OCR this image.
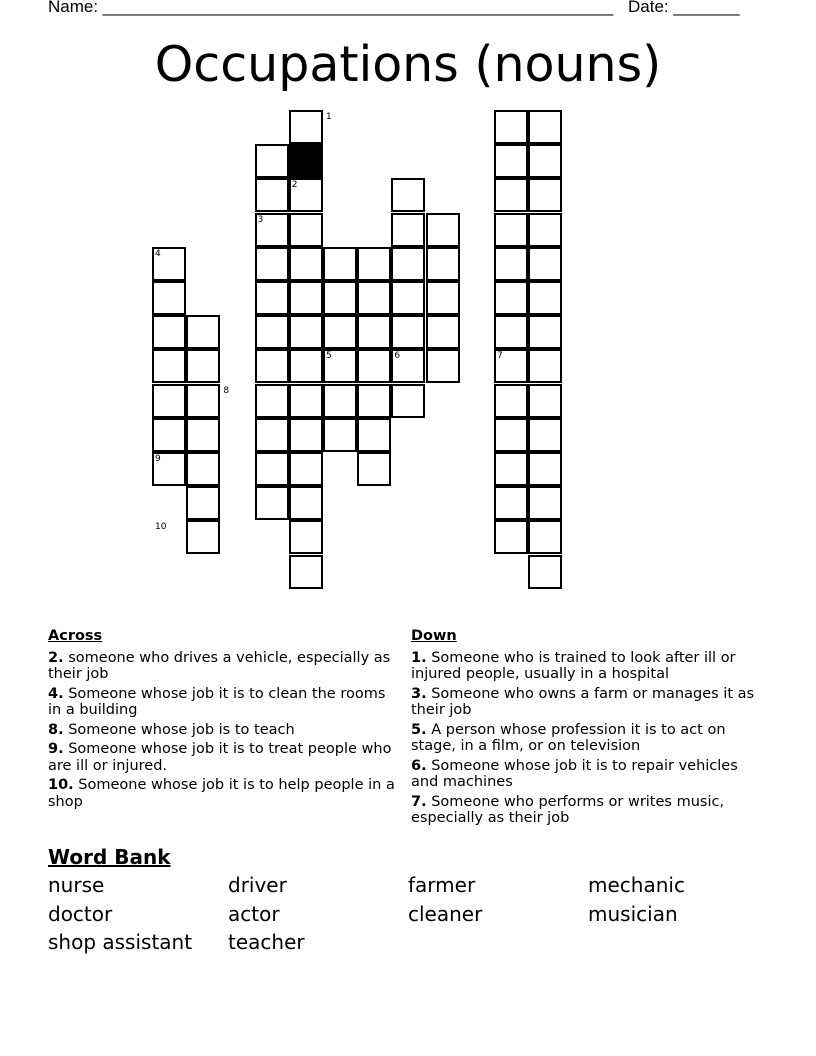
Name: ______________________________________________________ Date: _______
Occupations (nouns)
1
2
3
4
5	6	7
8
9
10
Across
2. someone who drives a vehicle, especially as their job
4. Someone whose job it is to clean the rooms in a building
8. Someone whose job is to teach
9. Someone whose job it is to treat people who are ill or injured.
10. Someone whose job it is to help people in a shop
Down
1. Someone who is trained to look after ill or injured people, usually in a hospital
3. Someone who owns a farm or manages it as their job
5. A person whose profession it is to act on stage, in a film, or on television
6. Someone whose job it is to repair vehicles and machines
7. Someone who performs or writes music, especially as their job
Word Bank
nurse	driver	farmer	mechanic
doctor	actor	cleaner	musician
shop assistant	teacher
